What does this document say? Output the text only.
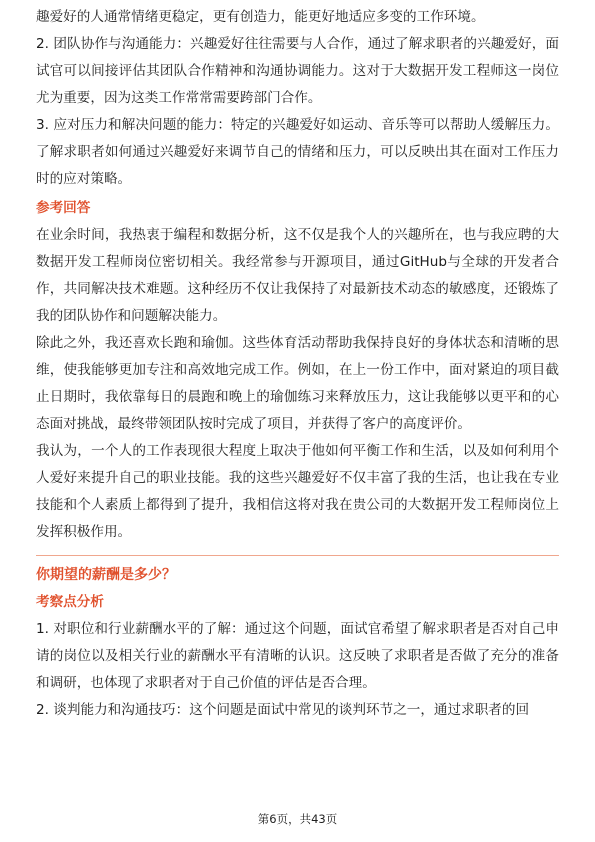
趣爱好的人通常情绪更稳定，更有创造力，能更好地适应多变的工作环境。

2. 团队协作与沟通能力：兴趣爱好往往需要与人合作，通过了解求职者的兴趣爱好，面试官可以间接评估其团队合作精神和沟通协调能力。这对于大数据开发工程师这一岗位尤为重要，因为这类工作常常需要跨部门合作。

3. 应对压力和解决问题的能力：特定的兴趣爱好如运动、音乐等可以帮助人缓解压力。了解求职者如何通过兴趣爱好来调节自己的情绪和压力，可以反映出其在面对工作压力时的应对策略。

参考回答

在业余时间，我热衷于编程和数据分析，这不仅是我个人的兴趣所在，也与我应聘的大数据开发工程师岗位密切相关。我经常参与开源项目，通过GitHub与全球的开发者合作，共同解决技术难题。这种经历不仅让我保持了对最新技术动态的敏感度，还锻炼了我的团队协作和问题解决能力。

除此之外，我还喜欢长跑和瑜伽。这些体育活动帮助我保持良好的身体状态和清晰的思维，使我能够更加专注和高效地完成工作。例如，在上一份工作中，面对紧迫的项目截止日期时，我依靠每日的晨跑和晚上的瑜伽练习来释放压力，这让我能够以更平和的心态面对挑战，最终带领团队按时完成了项目，并获得了客户的高度评价。

我认为，一个人的工作表现很大程度上取决于他如何平衡工作和生活，以及如何利用个人爱好来提升自己的职业技能。我的这些兴趣爱好不仅丰富了我的生活，也让我在专业技能和个人素质上都得到了提升，我相信这将对我在贵公司的大数据开发工程师岗位上发挥积极作用。

你期望的薪酬是多少？

考察点分析

1. 对职位和行业薪酬水平的了解：通过这个问题，面试官希望了解求职者是否对自己申请的岗位以及相关行业的薪酬水平有清晰的认识。这反映了求职者是否做了充分的准备和调研，也体现了求职者对于自己价值的评估是否合理。

2. 谈判能力和沟通技巧：这个问题是面试中常见的谈判环节之一，通过求职者的回

第6页，共43页
